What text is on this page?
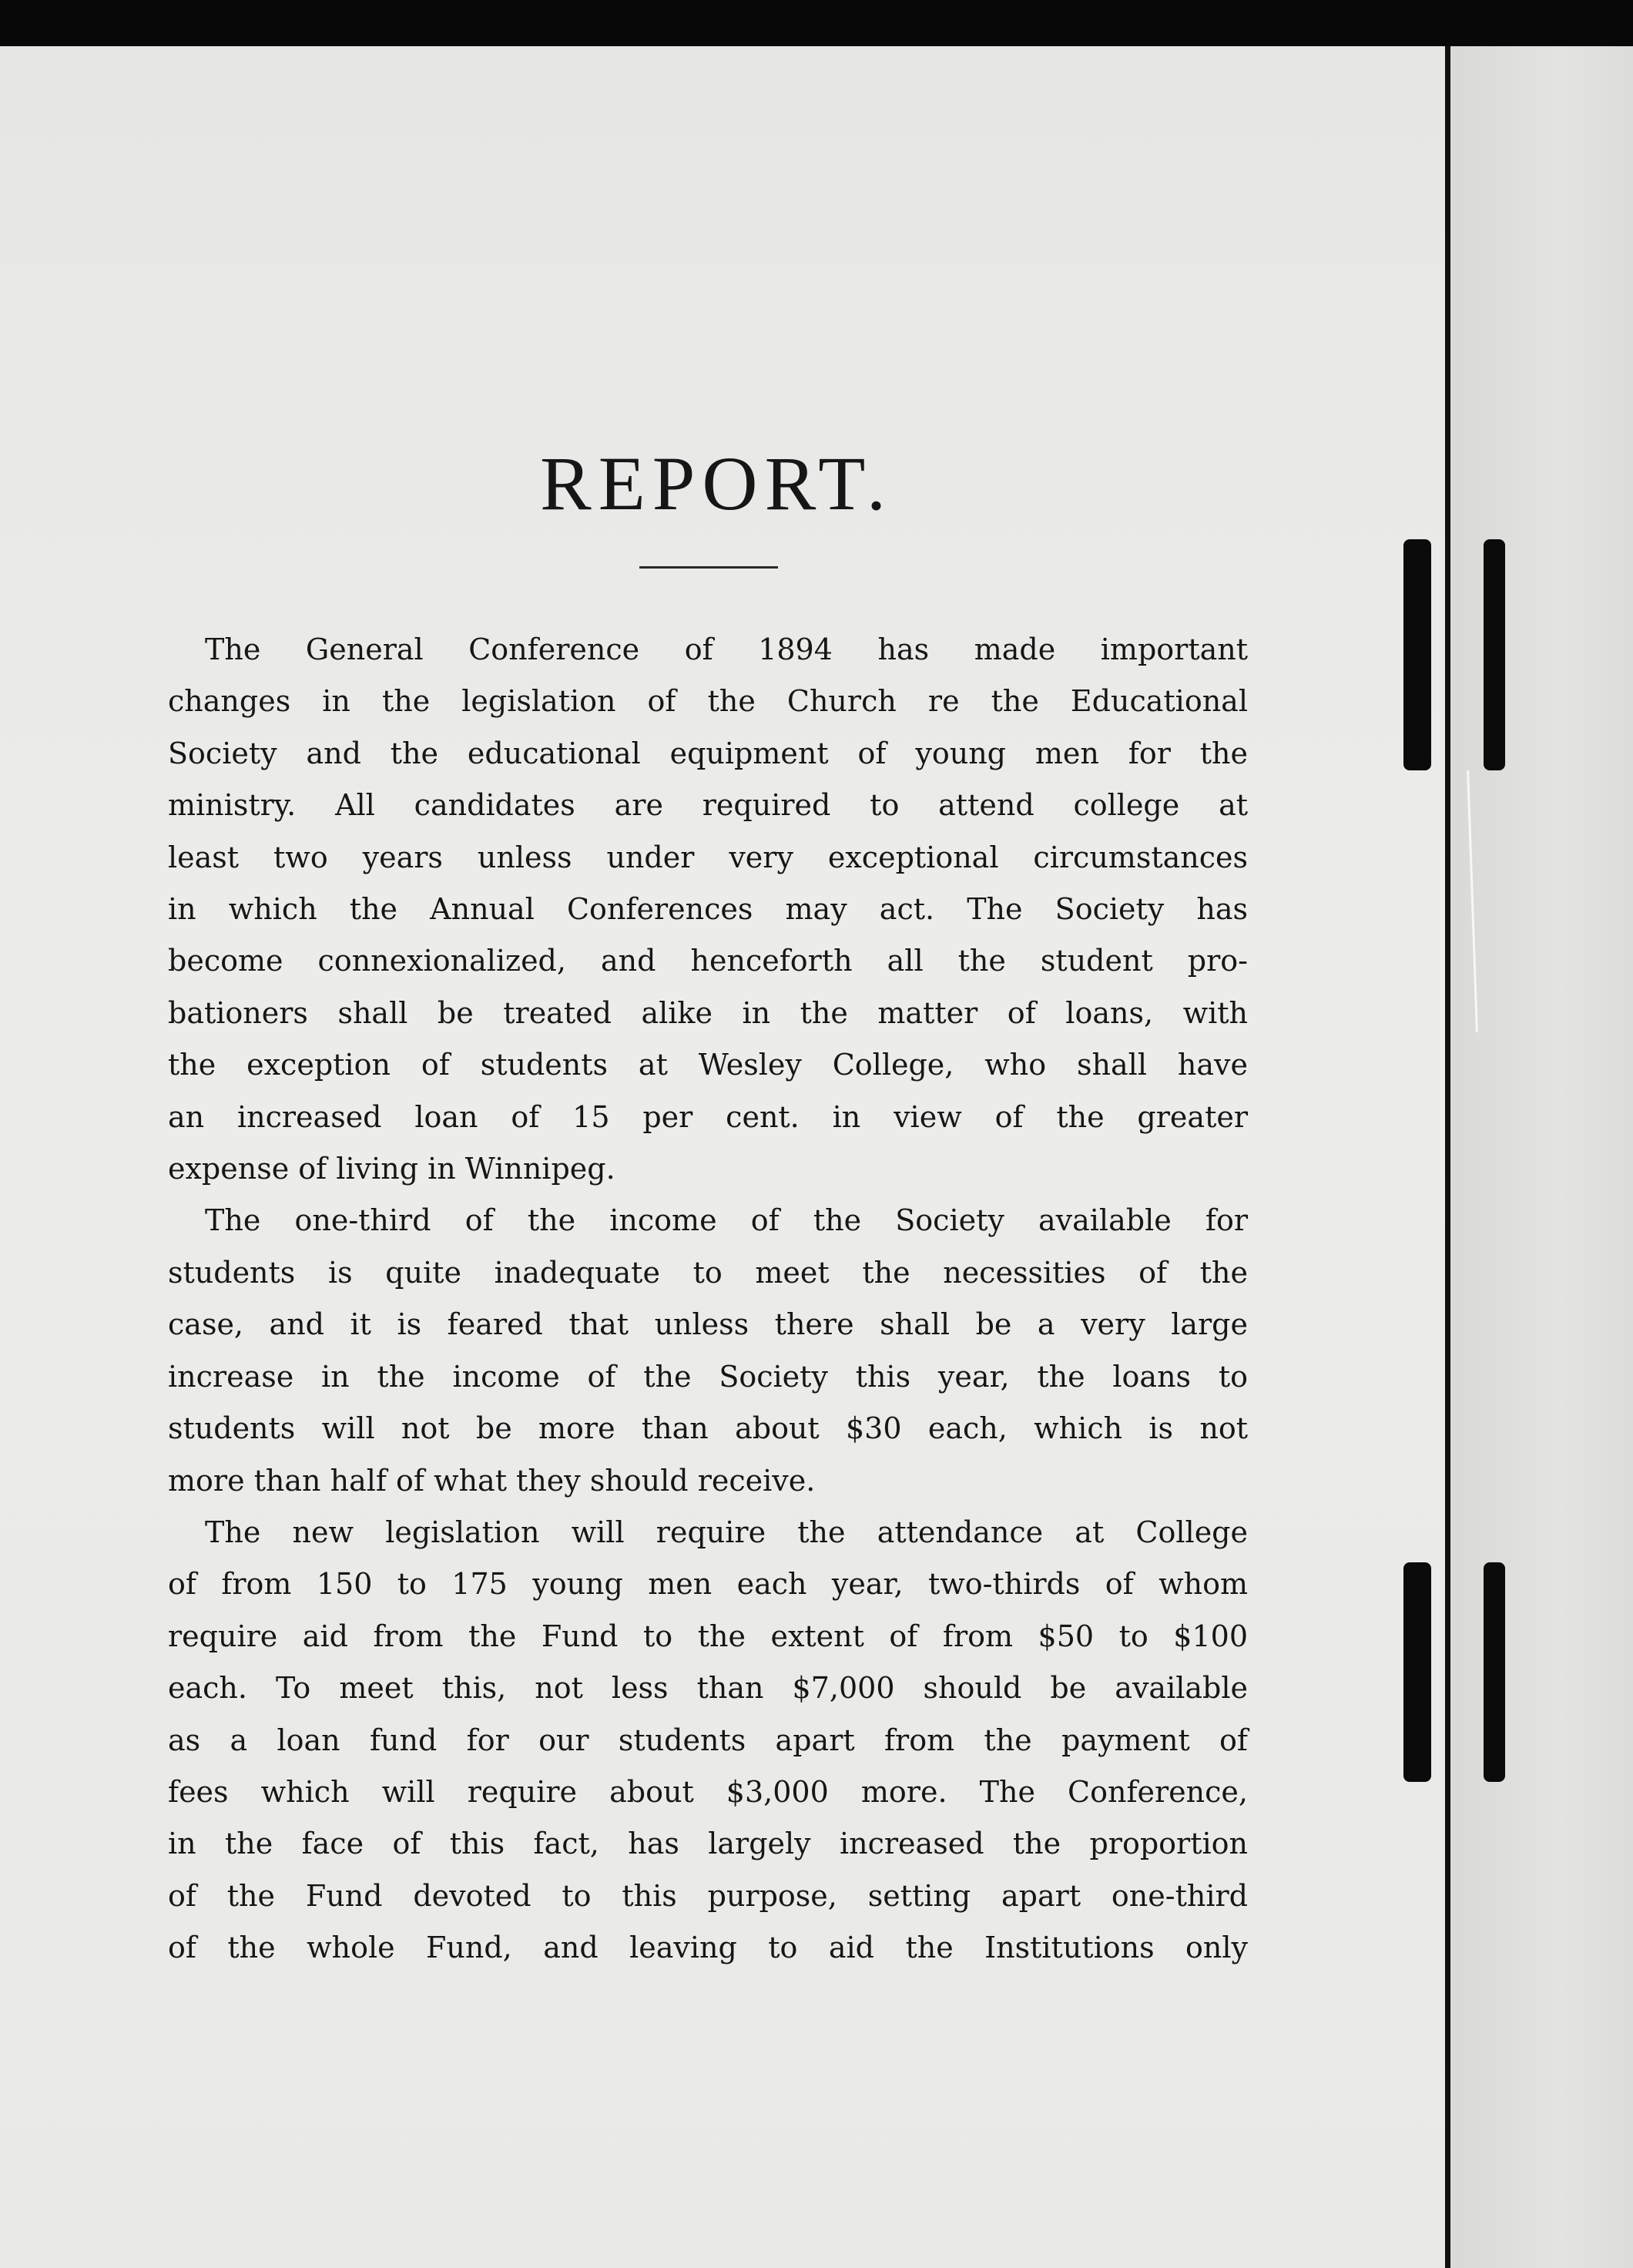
REPORT.

The General Conference of 1894 has made important

changes in the legislation of the Church re the Educational

Society and the educational equipment of young men for the

ministry. All candidates are required to attend college at

least two years unless under very exceptional circumstances

in which the Annual Conferences may act. The Society has

become connexionalized, and henceforth all the student pro-

bationers shall be treated alike in the matter of loans, with

the exception of students at Wesley College, who shall have

an increased loan of 15 per cent. in view of the greater

expense of living in Winnipeg.

The one-third of the income of the Society available for

students is quite inadequate to meet the necessities of the

case, and it is feared that unless there shall be a very large

increase in the income of the Society this year, the loans to

students will not be more than about $30 each, which is not

more than half of what they should receive.

The new legislation will require the attendance at College

of from 150 to 175 young men each year, two-thirds of whom

require aid from the Fund to the extent of from $50 to $100

each. To meet this, not less than $7,000 should be available

as a loan fund for our students apart from the payment of

fees which will require about $3,000 more. The Conference,

in the face of this fact, has largely increased the proportion

of the Fund devoted to this purpose, setting apart one-third

of the whole Fund, and leaving to aid the Institutions only
